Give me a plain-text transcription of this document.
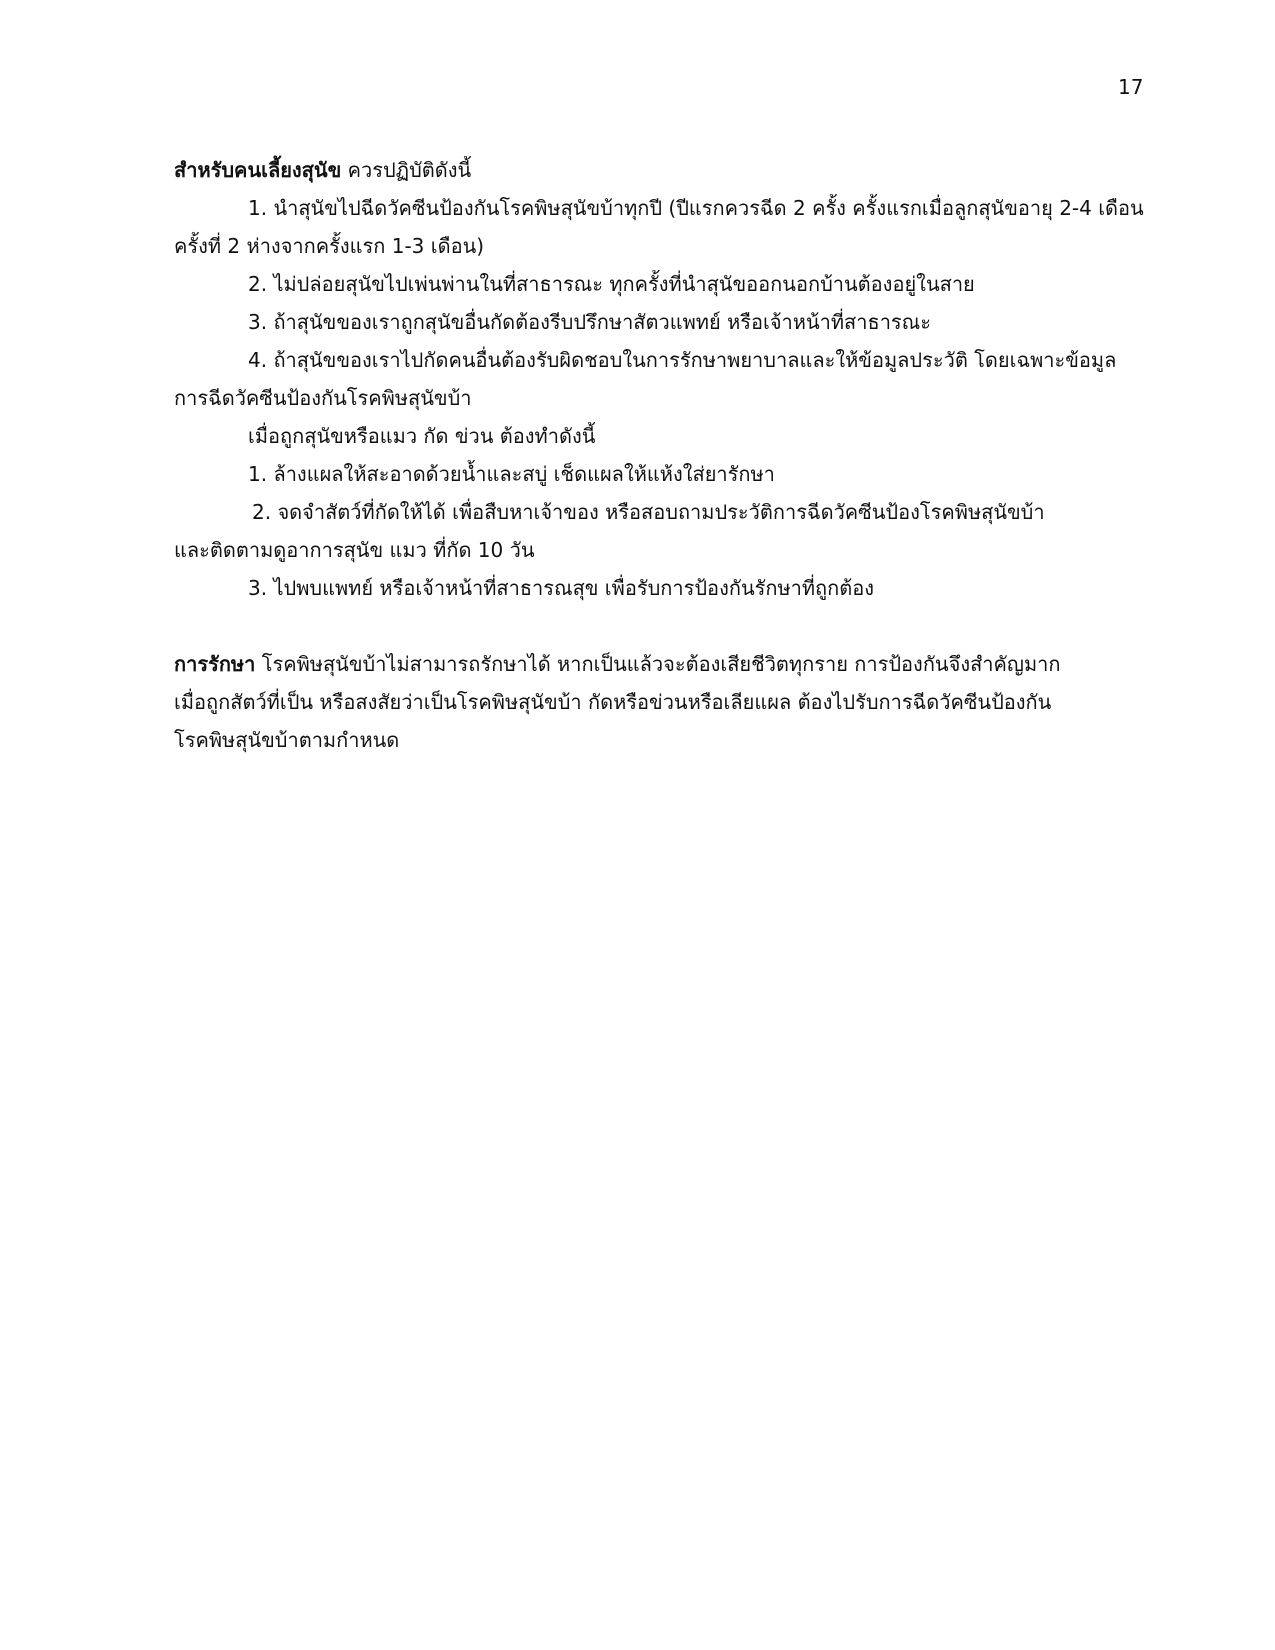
17
สำหรับคนเลี้ยงสุนัข ควรปฏิบัติดังนี้
1. นำสุนัขไปฉีดวัคซีนป้องกันโรคพิษสุนัขบ้าทุกปี (ปีแรกควรฉีด 2 ครั้ง ครั้งแรกเมื่อลูกสุนัขอายุ 2-4 เดือน
ครั้งที่ 2 ห่างจากครั้งแรก 1-3 เดือน)
2. ไม่ปล่อยสุนัขไปเพ่นพ่านในที่สาธารณะ ทุกครั้งที่นำสุนัขออกนอกบ้านต้องอยู่ในสาย
3. ถ้าสุนัขของเราถูกสุนัขอื่นกัดต้องรีบปรึกษาสัตวแพทย์ หรือเจ้าหน้าที่สาธารณะ
4. ถ้าสุนัขของเราไปกัดคนอื่นต้องรับผิดชอบในการรักษาพยาบาลและให้ข้อมูลประวัติ โดยเฉพาะข้อมูล
การฉีดวัคซีนป้องกันโรคพิษสุนัขบ้า
เมื่อถูกสุนัขหรือแมว กัด ข่วน ต้องทำดังนี้
1. ล้างแผลให้สะอาดด้วยน้ำและสบู่ เช็ดแผลให้แห้งใส่ยารักษา
2. จดจำสัตว์ที่กัดให้ได้ เพื่อสืบหาเจ้าของ หรือสอบถามประวัติการฉีดวัคซีนป้องโรคพิษสุนัขบ้า
และติดตามดูอาการสุนัข แมว ที่กัด 10 วัน
3. ไปพบแพทย์ หรือเจ้าหน้าที่สาธารณสุข เพื่อรับการป้องกันรักษาที่ถูกต้อง
การรักษา โรคพิษสุนัขบ้าไม่สามารถรักษาได้ หากเป็นแล้วจะต้องเสียชีวิตทุกราย การป้องกันจึงสำคัญมาก
เมื่อถูกสัตว์ที่เป็น หรือสงสัยว่าเป็นโรคพิษสุนัขบ้า กัดหรือข่วนหรือเลียแผล ต้องไปรับการฉีดวัคซีนป้องกัน
โรคพิษสุนัขบ้าตามกำหนด
